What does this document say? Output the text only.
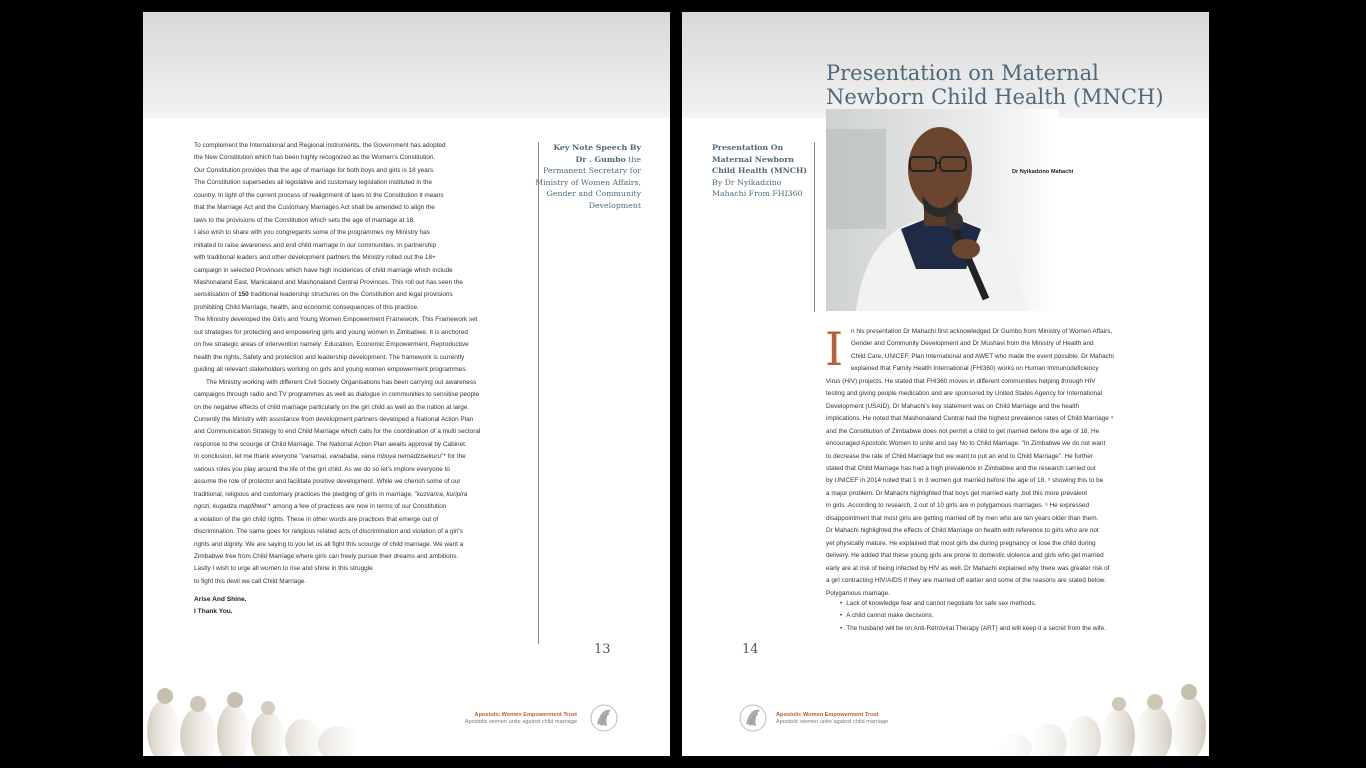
To complement the International and Regional instruments, the Government has adopted

the New Constitution which has been highly recognized as the Women's Constitution.

Our Constitution provides that the age of marriage for both boys and girls is 18 years.

The Constitution supersedes all legislative and customary legislation instituted in the

country. In light of the current process of realignment of laws to the Constitution it means

that the Marriage Act and the Customary Marriages Act shall be amended to align the

laws to the provisions of the Constitution which sets the age of marriage at 18.

I also wish to share with you congregants some of the programmes my Ministry has

initiated to raise awareness and end child marriage in our communities. In partnership

with traditional leaders and other development partners the Ministry rolled out the 18+

campaign in selected Provinces which have high incidences of child marriage which include

Mashonaland East, Manicaland and Mashonaland Central Provinces. This roll out has seen the

sensitisation of 150 traditional leadership structures on the Constitution and legal provisions

prohibiting Child Marriage, health, and economic consequences of this practice.

The Ministry developed the Girls and Young Women Empowerment Framework. This Framework set

out strategies for protecting and empowering girls and young women in Zimbabwe. It is anchored

on five strategic areas of intervention namely: Education, Economic Empowerment, Reproductive

health the rights, Safety and protection and leadership development. The framework is currently

guiding all relevant stakeholders working on girls and young women empowerment programmes.

The Ministry working with different Civil Society Organisations has been carrying out awareness

campaigns through radio and TV programmes as well as dialogue in communities to sensitise people

on the negative effects of child marriage particularly on the girl child as well as the nation at large.

Currently the Ministry with assistance from development partners developed a National Action Plan

and Communication Strategy to end Child Marriage which calls for the coordination of a multi sectoral

response to the scourge of Child Marriage. The National Action Plan awaits approval by Cabinet.

In conclusion, let me thank everyone "vanamai, vanababa, vana mbuya nemadzisekuru"* for the

various roles you play around the life of the girl child. As we do so let's implore everyone to

assume the role of protector and facilitate positive development. While we cherish some of our

traditional, religious and customary practices the pledging of girls in marriage, "kuzvarira, kuripira

ngozi, kugadza mapfihwa"* among a few of practices are now in terms of our Constitution

a violation of the girl child rights. These in other words are practices that emerge out of

discrimination. The same goes for religious related acts of discrimination and violation of a girl's

rights and dignity. We are saying to you let us all fight this scourge of child marriage. We want a

Zimbabwe free from Child Marriage where girls can freely pursue their dreams and ambitions.

Lastly I wish to urge all women to rise and shine in this struggle

to fight this devil we call Child Marriage.

Arise And Shine.

I Thank You.

Key Note Speech By
Dr . Gumbo the Permanent Secretary for Ministry of Women Affairs, Gender and Community Development
13
Apostolic Women Empowerment Trust
Apostolic women unite against child marriage
Presentation on Maternal
Newborn Child Health (MNCH)
Presentation On Maternal Newborn Child Health (MNCH) By Dr Nyikadzino Mahachi From FHI360
Dr Nyikadzino Mahachi
I	n his presentation Dr Mahachi first acknowledged Dr Gumbo from Ministry of Women Affairs,

Gender and Community Development and Dr Mushavi from the Ministry of Health and

Child Care, UNICEF, Plan International and AWET who made the event possible. Dr Mahachi

explained that Family Health International (FHI360) works on Human Immunodeficiency

Virus (HIV) projects. He stated that FHI360 moves in different communities helping through HIV

testing and giving people medication and are sponsored by United States Agency for International

Development (USAID). Dr Mahachi's key statement was on Child Marriage and the health

implications. He noted that Mashonaland Central had the highest prevalence rates of Child Marriage ⁴

and the Constitution of Zimbabwe does not permit a child to get married before the age of 18. He

encouraged Apostolic Women to unite and say No to Child Marriage. "In Zimbabwe we do not want

to decrease the rate of Child Marriage but we want to put an end to Child Marriage". He further

stated that Child Marriage has had a high prevalence in Zimbabwe and the research carried out

by UNICEF in 2014 noted that 1 in 3 women got married before the age of 18, ⁵ showing this to be

a major problem. Dr Mahachi highlighted that boys get married early ,but this more prevalent

in girls .According to research, 2 out of 10 girls are in polygamous marriages. ⁶ He expressed

disappointment that most girls are getting married off by men who are ten years older than them.

Dr Mahachi highlighted the effects of Child Marriage on health with reference to girls who are not

yet physically mature. He explained that most girls die during pregnancy or lose the child during

delivery. He added that these young girls are prone to domestic violence and girls who get married

early are at risk of being infected by HIV as well. Dr Mahachi explained why there was greater risk of

a girl contracting HIV/AIDS if they are married off earlier and some of the reasons are stated below.

Polygamous marriage.

• Lack of knowledge fear and cannot negotiate for safe sex methods.
• A child cannot make decisions.
• The husband will be on Anti-Retroviral Therapy (ART) and will keep it a secret from the wife.
14
Apostolic Women Empowerment Trust
Apostolic women unite against child marriage
